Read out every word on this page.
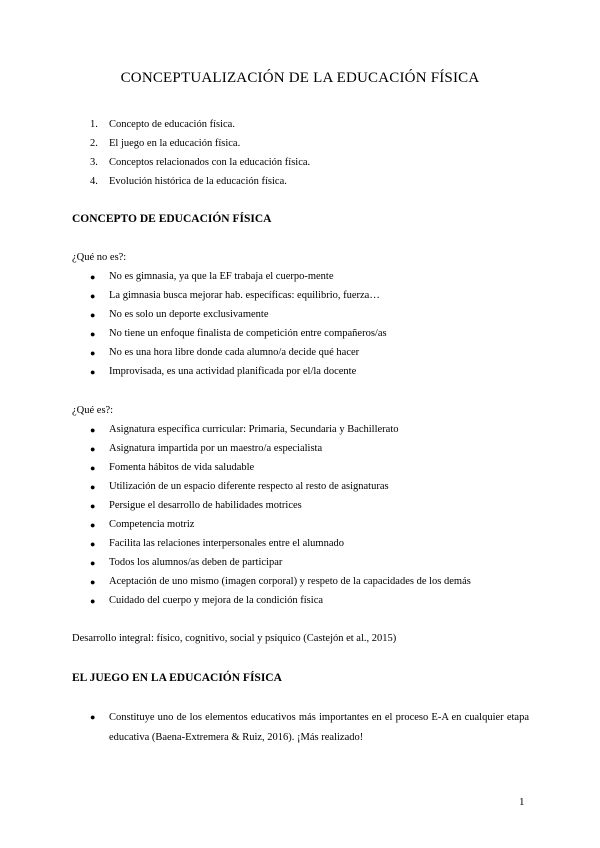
CONCEPTUALIZACIÓN DE LA EDUCACIÓN FÍSICA
1. Concepto de educación física.
2. El juego en la educación física.
3. Conceptos relacionados con la educación física.
4. Evolución histórica de la educación física.
CONCEPTO DE EDUCACIÓN FÍSICA
¿Qué no es?:
● No es gimnasia, ya que la EF trabaja el cuerpo-mente
● La gimnasia busca mejorar hab. específicas: equilibrio, fuerza…
● No es solo un deporte exclusivamente
● No tiene un enfoque finalista de competición entre compañeros/as
● No es una hora libre donde cada alumno/a decide qué hacer
● Improvisada, es una actividad planificada por el/la docente
¿Qué es?:
● Asignatura específica curricular: Primaria, Secundaria y Bachillerato
● Asignatura impartida por un maestro/a especialista
● Fomenta hábitos de vida saludable
● Utilización de un espacio diferente respecto al resto de asignaturas
● Persigue el desarrollo de habilidades motrices
● Competencia motriz
● Facilita las relaciones interpersonales entre el alumnado
● Todos los alumnos/as deben de participar
● Aceptación de uno mismo (imagen corporal) y respeto de la capacidades de los demás
● Cuidado del cuerpo y mejora de la condición física
Desarrollo integral: físico, cognitivo, social y psíquico (Castejón et al., 2015)
EL JUEGO EN LA EDUCACIÓN FÍSICA
● Constituye uno de los elementos educativos más importantes en el proceso E-A en cualquier etapa educativa (Baena-Extremera & Ruiz, 2016). ¡Más realizado!
1
